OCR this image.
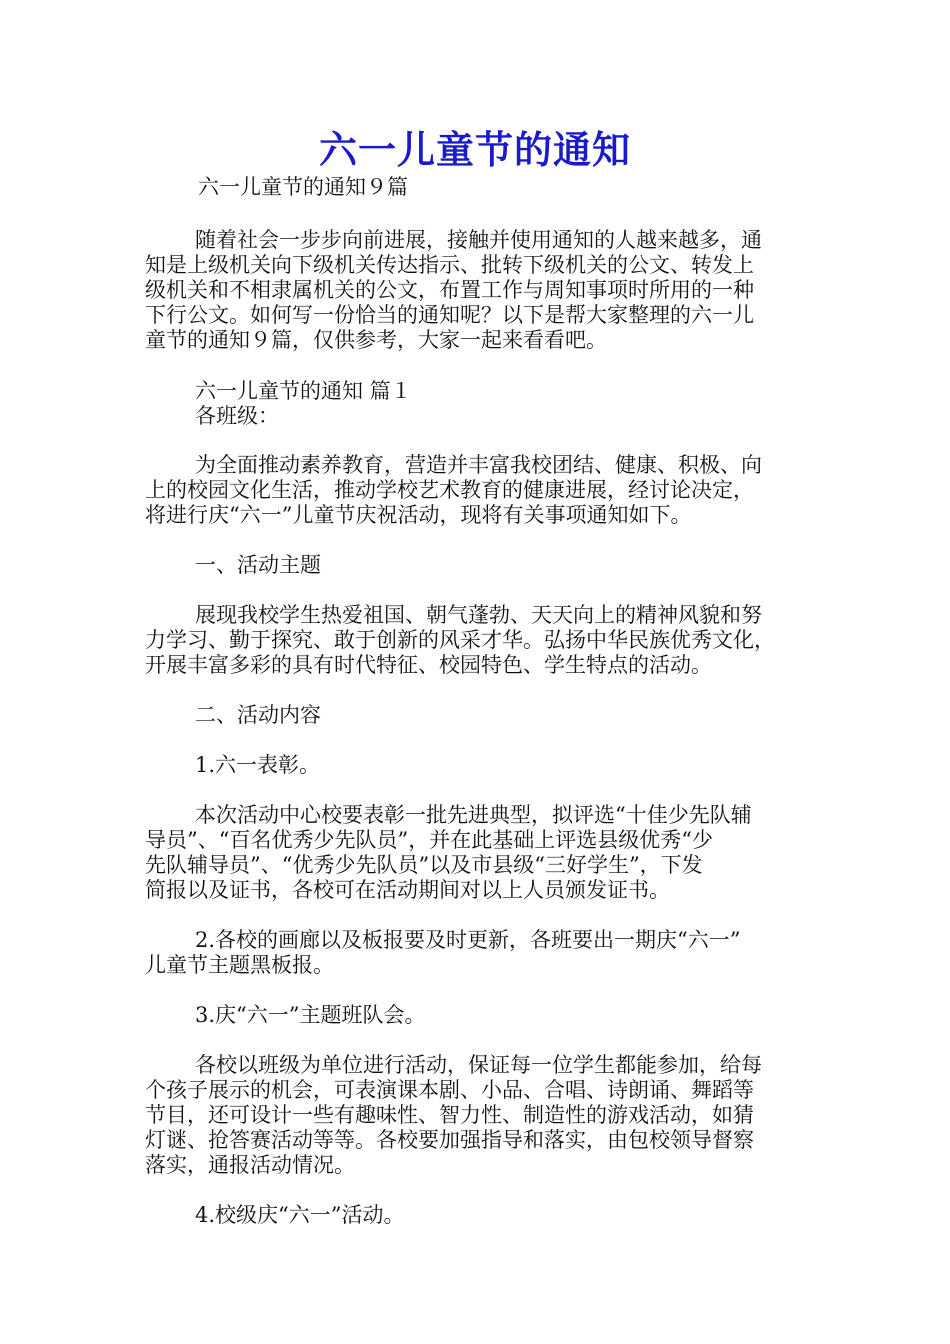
六一儿童节的通知
六一儿童节的通知９篇
随着社会一步步向前进展，接触并使用通知的人越来越多，通
知是上级机关向下级机关传达指示、批转下级机关的公文、转发上
级机关和不相隶属机关的公文，布置工作与周知事项时所用的一种
下行公文。如何写一份恰当的通知呢？以下是帮大家整理的六一儿
童节的通知９篇，仅供参考，大家一起来看看吧。
六一儿童节的通知 篇１
各班级：
为全面推动素养教育，营造并丰富我校团结、健康、积极、向
上的校园文化生活，推动学校艺术教育的健康进展，经讨论决定，
将进行庆“六一”儿童节庆祝活动，现将有关事项通知如下。
一、活动主题
展现我校学生热爱祖国、朝气蓬勃、天天向上的精神风貌和努
力学习、勤于探究、敢于创新的风采才华。弘扬中华民族优秀文化，
开展丰富多彩的具有时代特征、校园特色、学生特点的活动。
二、活动内容
1.六一表彰。
本次活动中心校要表彰一批先进典型，拟评选“十佳少先队辅
导员”、“百名优秀少先队员”，并在此基础上评选县级优秀“少
先队辅导员”、“优秀少先队员”以及市县级“三好学生”，下发
简报以及证书，各校可在活动期间对以上人员颁发证书。
2.各校的画廊以及板报要及时更新，各班要出一期庆“六一”
儿童节主题黑板报。
3.庆“六一”主题班队会。
各校以班级为单位进行活动，保证每一位学生都能参加，给每
个孩子展示的机会，可表演课本剧、小品、合唱、诗朗诵、舞蹈等
节目，还可设计一些有趣味性、智力性、制造性的游戏活动，如猜
灯谜、抢答赛活动等等。各校要加强指导和落实，由包校领导督察
落实，通报活动情况。
4.校级庆“六一”活动。
